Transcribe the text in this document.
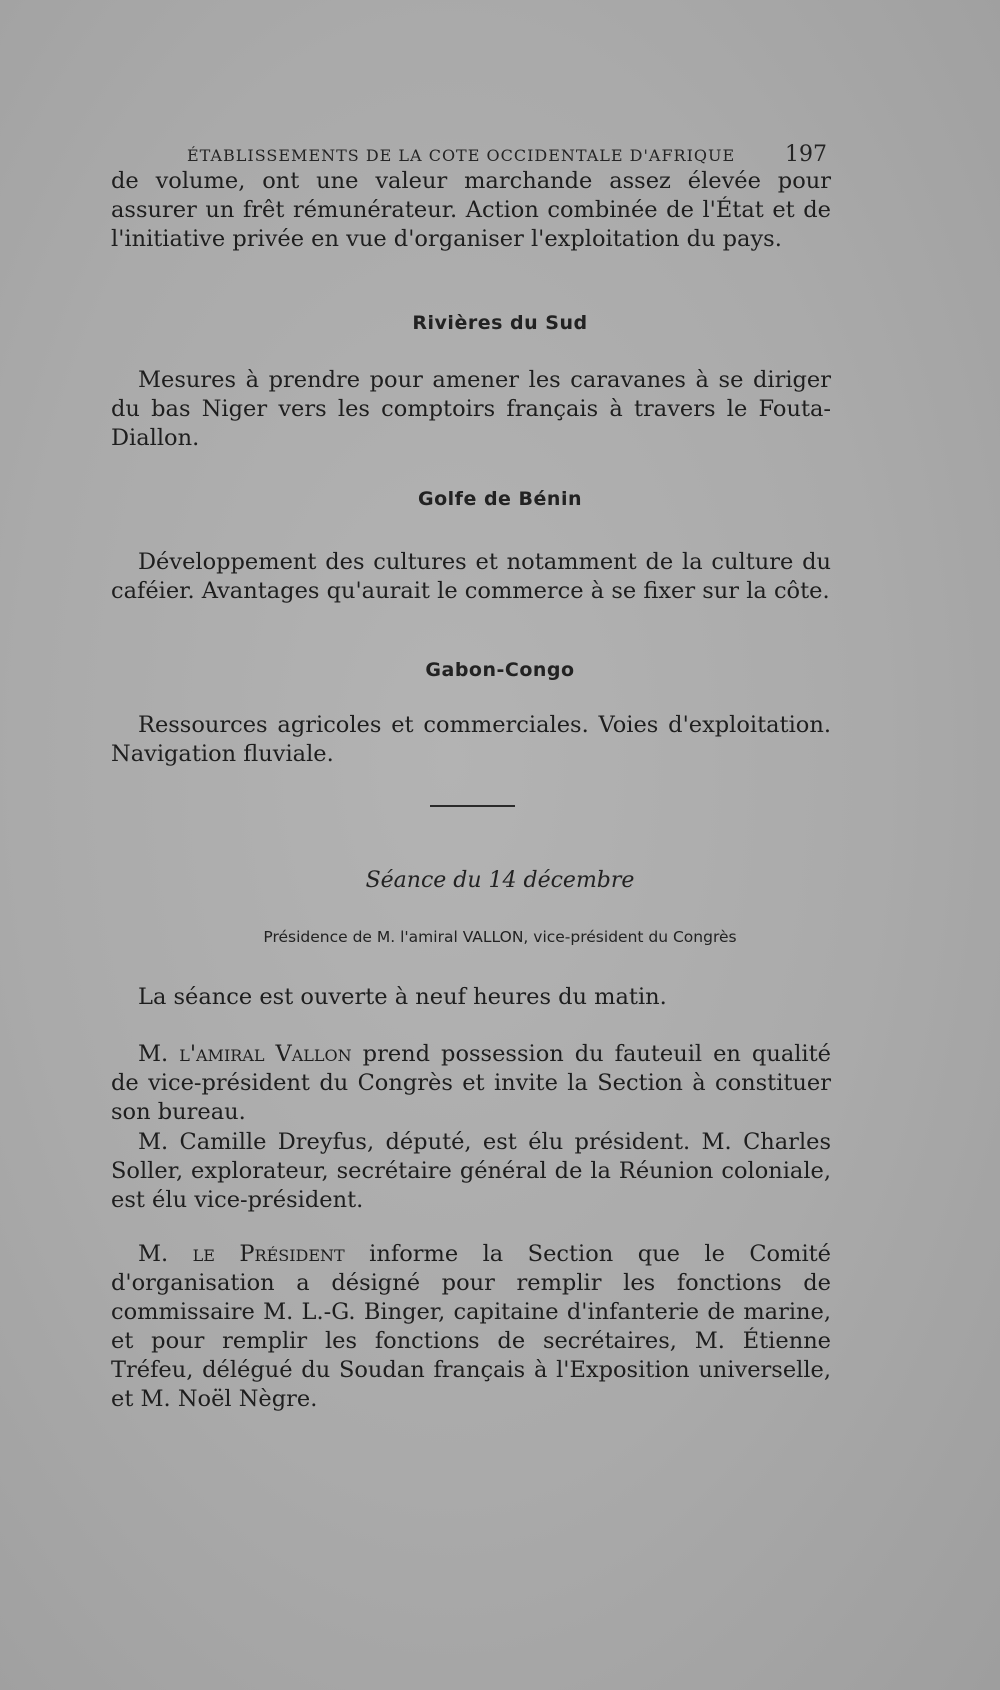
ÉTABLISSEMENTS DE LA COTE OCCIDENTALE D'AFRIQUE 197

de volume, ont une valeur marchande assez élevée pour assurer un frêt rémunérateur. Action combinée de l'État et de l'initiative privée en vue d'organiser l'exploitation du pays.

Rivières du Sud

Mesures à prendre pour amener les caravanes à se diriger du bas Niger vers les comptoirs français à travers le Fouta-Diallon.

Golfe de Bénin

Développement des cultures et notamment de la culture du caféier. Avantages qu'aurait le commerce à se fixer sur la côte.

Gabon-Congo

Ressources agricoles et commerciales. Voies d'exploitation. Navigation fluviale.

Séance du 14 décembre
Présidence de M. l'amiral VALLON, vice-président du Congrès

La séance est ouverte à neuf heures du matin.

M. l'amiral Vallon prend possession du fauteuil en qualité de vice-président du Congrès et invite la Section à constituer son bureau.

M. Camille Dreyfus, député, est élu président. M. Charles Soller, explorateur, secrétaire général de la Réunion coloniale, est élu vice-président.

M. le Président informe la Section que le Comité d'organisation a désigné pour remplir les fonctions de commissaire M. L.-G. Binger, capitaine d'infanterie de marine, et pour remplir les fonctions de secrétaires, M. Étienne Tréfeu, délégué du Soudan français à l'Exposition universelle, et M. Noël Nègre.
